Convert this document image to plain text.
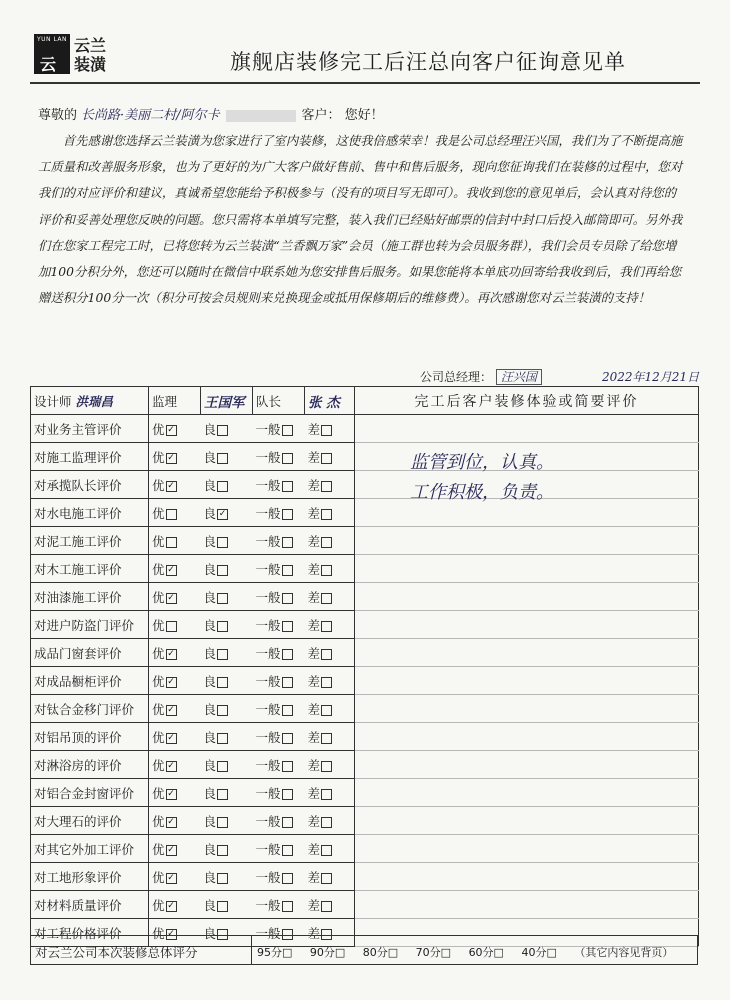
YUN LAN
云
云兰装潢	旗舰店装修完工后汪总向客户征询意见单
尊敬的 长尚路·美丽二村/阿尔卡	客户： 您好！

首先感谢您选择云兰装潢为您家进行了室内装修，这使我倍感荣幸！我是公司总经理汪兴国，我们为了不断提高施工质量和改善服务形象，也为了更好的为广大客户做好售前、售中和售后服务，现向您征询我们在装修的过程中，您对我们的对应评价和建议，真诚希望您能给予积极参与（没有的项目写无即可）。我收到您的意见单后，会认真对待您的评价和妥善处理您反映的问题。您只需将本单填写完整，装入我们已经贴好邮票的信封中封口后投入邮筒即可。另外我们在您家工程完工时，已将您转为云兰装潢“兰香飘万家”会员（施工群也转为会员服务群），我们会员专员除了给您增加100分积分外，您还可以随时在微信中联系她为您安排售后服务。如果您能将本单底功回寄给我收到后，我们再给您赠送积分100分一次（积分可按会员规则来兑换现金或抵用保修期后的维修费）。再次感谢您对云兰装潢的支持！

公司总经理： 汪兴国	2022年12月21日
设计师 洪瑞昌	监理	王国军	队长	张 杰	完工后客户装修体验或简要评价
对业务主管评价	优 ✓	良	一般	差	
对施工监理评价	优 ✓	良	一般	差	
对承揽队长评价	优 ✓	良	一般	差	
对水电施工评价	优	良 ✓	一般	差	
对泥工施工评价	优	良	一般	差	
对木工施工评价	优 ✓	良	一般	差	
对油漆施工评价	优 ✓	良	一般	差	
对进户防盗门评价	优	良	一般	差	
成品门窗套评价	优 ✓	良	一般	差	
对成品橱柜评价	优 ✓	良	一般	差	
对钛合金移门评价	优 ✓	良	一般	差	
对铝吊顶的评价	优 ✓	良	一般	差	
对淋浴房的评价	优 ✓	良	一般	差	
对铝合金封窗评价	优 ✓	良	一般	差	
对大理石的评价	优 ✓	良	一般	差	
对其它外加工评价	优 ✓	良	一般	差	
对工地形象评价	优 ✓	良	一般	差	
对材料质量评价	优 ✓	良	一般	差	
对工程价格评价	优 ✓	良	一般	差	
监管到位，认真。
工作积极，负责。
对云兰公司本次装修总体评分	95分□ 90分□ 80分□ 70分□ 60分□ 40分□ （其它内容见背页）
